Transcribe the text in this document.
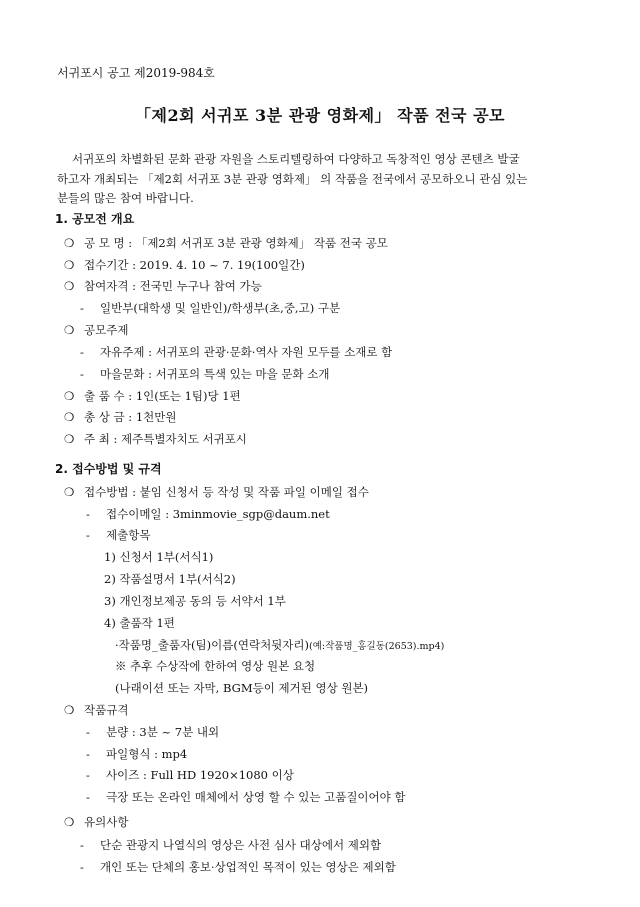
서귀포시 공고 제2019-984호
「제2회 서귀포 3분 관광 영화제」 작품 전국 공모
서귀포의 차별화된 문화 관광 자원을 스토리텔링하여 다양하고 독창적인 영상 콘텐츠 발굴
하고자 개최되는 「제2회 서귀포 3분 관광 영화제」 의 작품을 전국에서 공모하오니 관심 있는
분들의 많은 참여 바랍니다.
1. 공모전 개요
❍ 공 모 명 : 「제2회 서귀포 3분 관광 영화제」 작품 전국 공모
❍ 접수기간 : 2019. 4. 10 ~ 7. 19(100일간)
❍ 참여자격 : 전국민 누구나 참여 가능
- 일반부(대학생 및 일반인)/학생부(초,중,고) 구분
❍ 공모주제
- 자유주제 : 서귀포의 관광·문화·역사 자원 모두를 소재로 함
- 마을문화 : 서귀포의 특색 있는 마을 문화 소개
❍ 출 품 수 : 1인(또는 1팀)당 1편
❍ 총 상 금 : 1천만원
❍ 주 최 : 제주특별자치도 서귀포시
2. 접수방법 및 규격
❍ 접수방법 : 붙임 신청서 등 작성 및 작품 파일 이메일 접수
- 접수이메일 : 3minmovie_sgp@daum.net
- 제출항목
1) 신청서 1부(서식1)
2) 작품설명서 1부(서식2)
3) 개인정보제공 동의 등 서약서 1부
4) 출품작 1편
·작품명_출품자(팀)이름(연락처뒷자리)(예:작품명_홍길동(2653).mp4)
※ 추후 수상작에 한하여 영상 원본 요청
(나래이션 또는 자막, BGM등이 제거된 영상 원본)
❍ 작품규격
- 분량 : 3분 ~ 7분 내외
- 파일형식 : mp4
- 사이즈 : Full HD 1920×1080 이상
- 극장 또는 온라인 매체에서 상영 할 수 있는 고품질이어야 함
❍ 유의사항
- 단순 관광지 나열식의 영상은 사전 심사 대상에서 제외함
- 개인 또는 단체의 홍보·상업적인 목적이 있는 영상은 제외함
